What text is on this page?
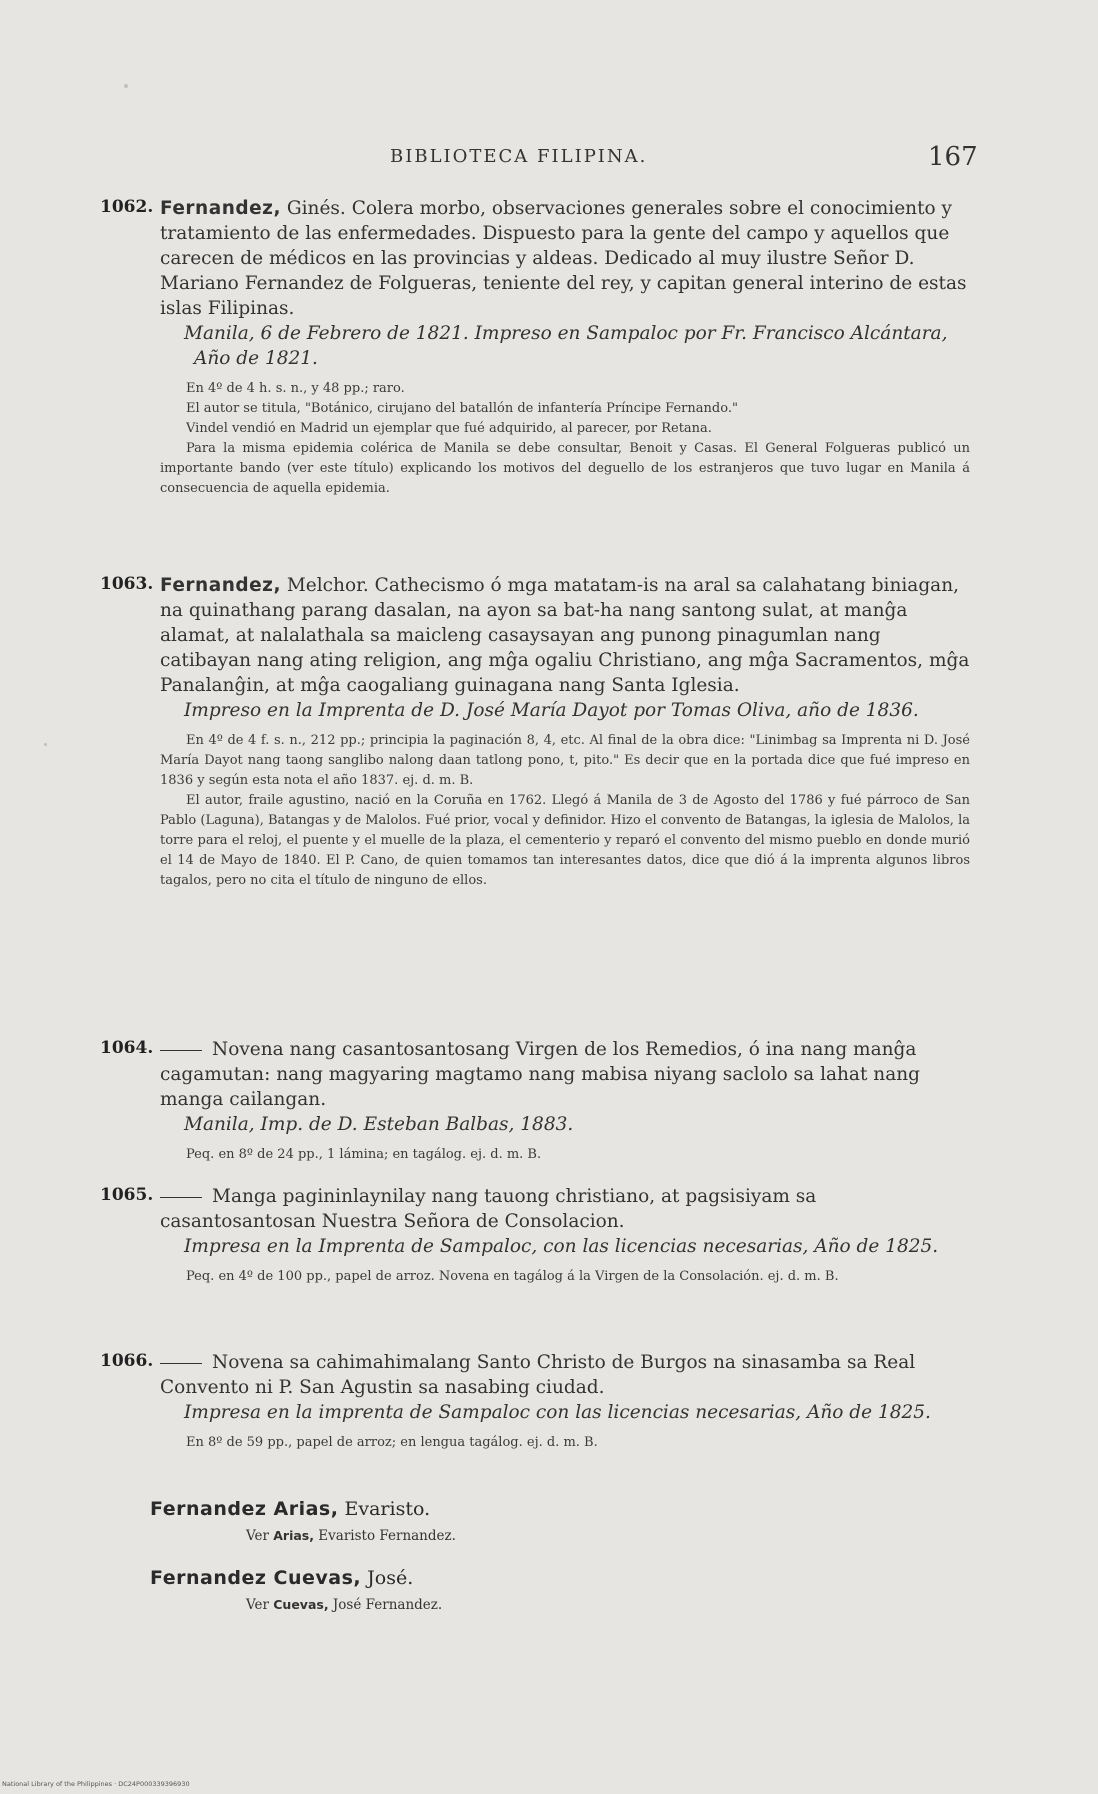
BIBLIOTECA FILIPINA.	167
1062. Fernandez, Ginés. Colera morbo, observaciones generales sobre el conocimiento y tratamiento de las enfermedades. Dispuesto para la gente del campo y aquellos que carecen de médicos en las provincias y aldeas. Dedicado al muy ilustre Señor D. Mariano Fernandez de Folgueras, teniente del rey, y capitan general interino de estas islas Filipinas.
Manila, 6 de Febrero de 1821. Impreso en Sampaloc por Fr. Francisco Alcántara, Año de 1821.
En 4º de 4 h. s. n., y 48 pp.; raro.
El autor se titula, "Botánico, cirujano del batallón de infantería Príncipe Fernando."
Vindel vendió en Madrid un ejemplar que fué adquirido, al parecer, por Retana.
Para la misma epidemia colérica de Manila se debe consultar, Benoit y Casas. El General Folgueras publicó un importante bando (ver este título) explicando los motivos del deguello de los estranjeros que tuvo lugar en Manila á consecuencia de aquella epidemia.
1063. Fernandez, Melchor. Cathecismo ó mga matatam-is na aral sa calahatang biniagan, na quinathang parang dasalan, na ayon sa bat-ha nang santong sulat, at manĝa alamat, at nalalathala sa maicleng casaysayan ang punong pinagumlan nang catibayan nang ating religion, ang mĝa ogaliu Christiano, ang mĝa Sacramentos, mĝa Panalanĝin, at mĝa caogaliang guinagana nang Santa Iglesia.
Impreso en la Imprenta de D. José María Dayot por Tomas Oliva, año de 1836.
En 4º de 4 f. s. n., 212 pp.; principia la paginación 8, 4, etc. Al final de la obra dice: "Linimbag sa Imprenta ni D. José María Dayot nang taong sanglibo nalong daan tatlong pono, t, pito." Es decir que en la portada dice que fué impreso en 1836 y según esta nota el año 1837. ej. d. m. B.
El autor, fraile agustino, nació en la Coruña en 1762. Llegó á Manila de 3 de Agosto del 1786 y fué párroco de San Pablo (Laguna), Batangas y de Malolos. Fué prior, vocal y definidor. Hizo el convento de Batangas, la iglesia de Malolos, la torre para el reloj, el puente y el muelle de la plaza, el cementerio y reparó el convento del mismo pueblo en donde murió el 14 de Mayo de 1840. El P. Cano, de quien tomamos tan interesantes datos, dice que dió á la imprenta algunos libros tagalos, pero no cita el título de ninguno de ellos.
1064.	Novena nang casantosantosang Virgen de los Remedios, ó ina nang manĝa cagamutan: nang magyaring magtamo nang mabisa niyang saclolo sa lahat nang manga cailangan.
Manila, Imp. de D. Esteban Balbas, 1883.
Peq. en 8º de 24 pp., 1 lámina; en tagálog. ej. d. m. B.
1065.	Manga pagininlaynilay nang tauong christiano, at pagsisiyam sa casantosantosan Nuestra Señora de Consolacion.
Impresa en la Imprenta de Sampaloc, con las licencias necesarias, Año de 1825.
Peq. en 4º de 100 pp., papel de arroz. Novena en tagálog á la Virgen de la Consolación. ej. d. m. B.
1066.	Novena sa cahimahimalang Santo Christo de Burgos na sinasamba sa Real Convento ni P. San Agustin sa nasabing ciudad.
Impresa en la imprenta de Sampaloc con las licencias necesarias, Año de 1825.
En 8º de 59 pp., papel de arroz; en lengua tagálog. ej. d. m. B.
Fernandez Arias, Evaristo.
Ver Arias, Evaristo Fernandez.
Fernandez Cuevas, José.
Ver Cuevas, José Fernandez.
National Library of the Philippines · DC24P000339396930
